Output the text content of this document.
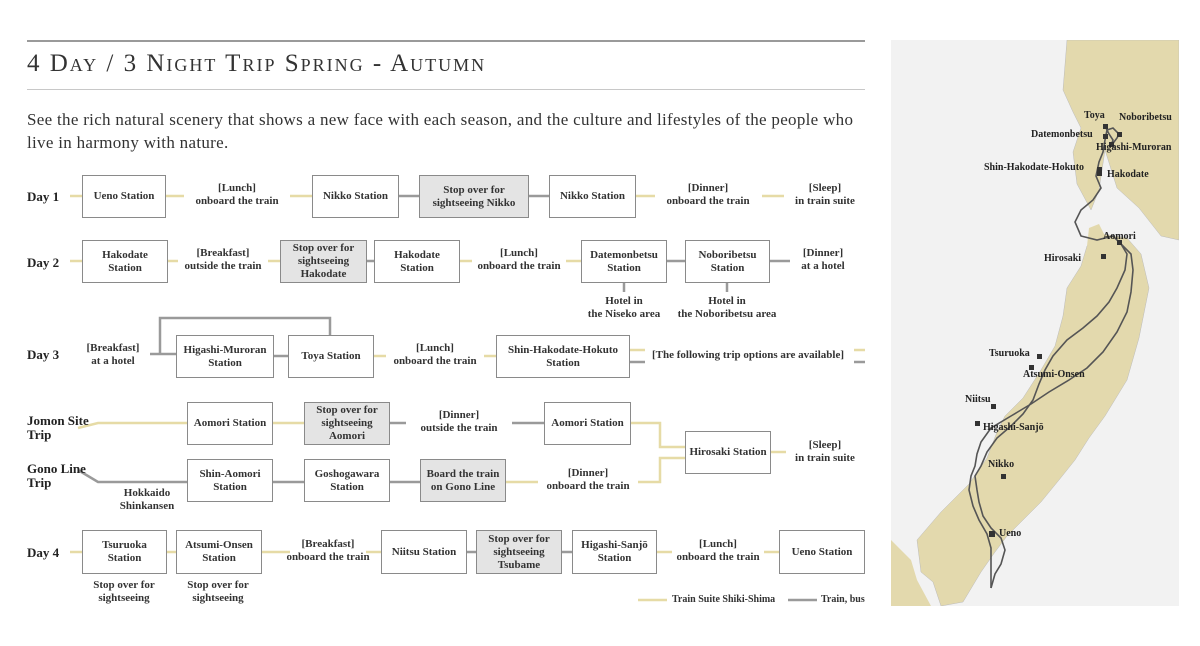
4 Day / 3 Night Trip Spring - Autumn
See the rich natural scenery that shows a new face with each season, and the culture and lifestyles of the people who live in harmony with nature.
Day 1
Day 2
Day 3
Jomon Site Trip
Gono Line Trip
Day 4
Ueno Station
[Lunch]
onboard the train	Nikko Station
Stop over for sightseeing Nikko
Nikko Station
[Dinner]
onboard the train
[Sleep]
in train suite
Hakodate Station
[Breakfast]
outside the train
Stop over for sightseeing Hakodate
Hakodate Station
[Lunch]
onboard the train
Datemonbetsu Station
Noboribetsu Station
[Dinner]
at a hotel
Hotel in
the Niseko area
Hotel in
the Noboribetsu area
[Breakfast]
at a hotel
Higashi-Muroran Station
Toya Station
[Lunch]
onboard the train
Shin-Hakodate-Hokuto Station
[The following trip options are available]
Aomori Station
Stop over for sightseeing Aomori
[Dinner]
outside the train	Aomori Station
Hirosaki Station
[Sleep]
in train suite
Hokkaido
Shinkansen
Shin-Aomori Station
Goshogawara Station
Board the train on Gono Line
[Dinner]
onboard the train
Tsuruoka Station
Atsumi-Onsen Station
[Breakfast]
onboard the train	Niitsu Station
Stop over for sightseeing Tsubame
Higashi-Sanjō Station
[Lunch]
onboard the train	Ueno Station
Stop over for
sightseeing
Stop over for
sightseeing	Train Suite Shiki-Shima	Train, bus
Toya Noboribetsu
Datemonbetsu
Higashi-Muroran
Shin-Hakodate-Hokuto
Hakodate
Aomori
Hirosaki
Tsuruoka
Atsumi-Onsen
Niitsu
Higashi-Sanjō
Nikko
Ueno
